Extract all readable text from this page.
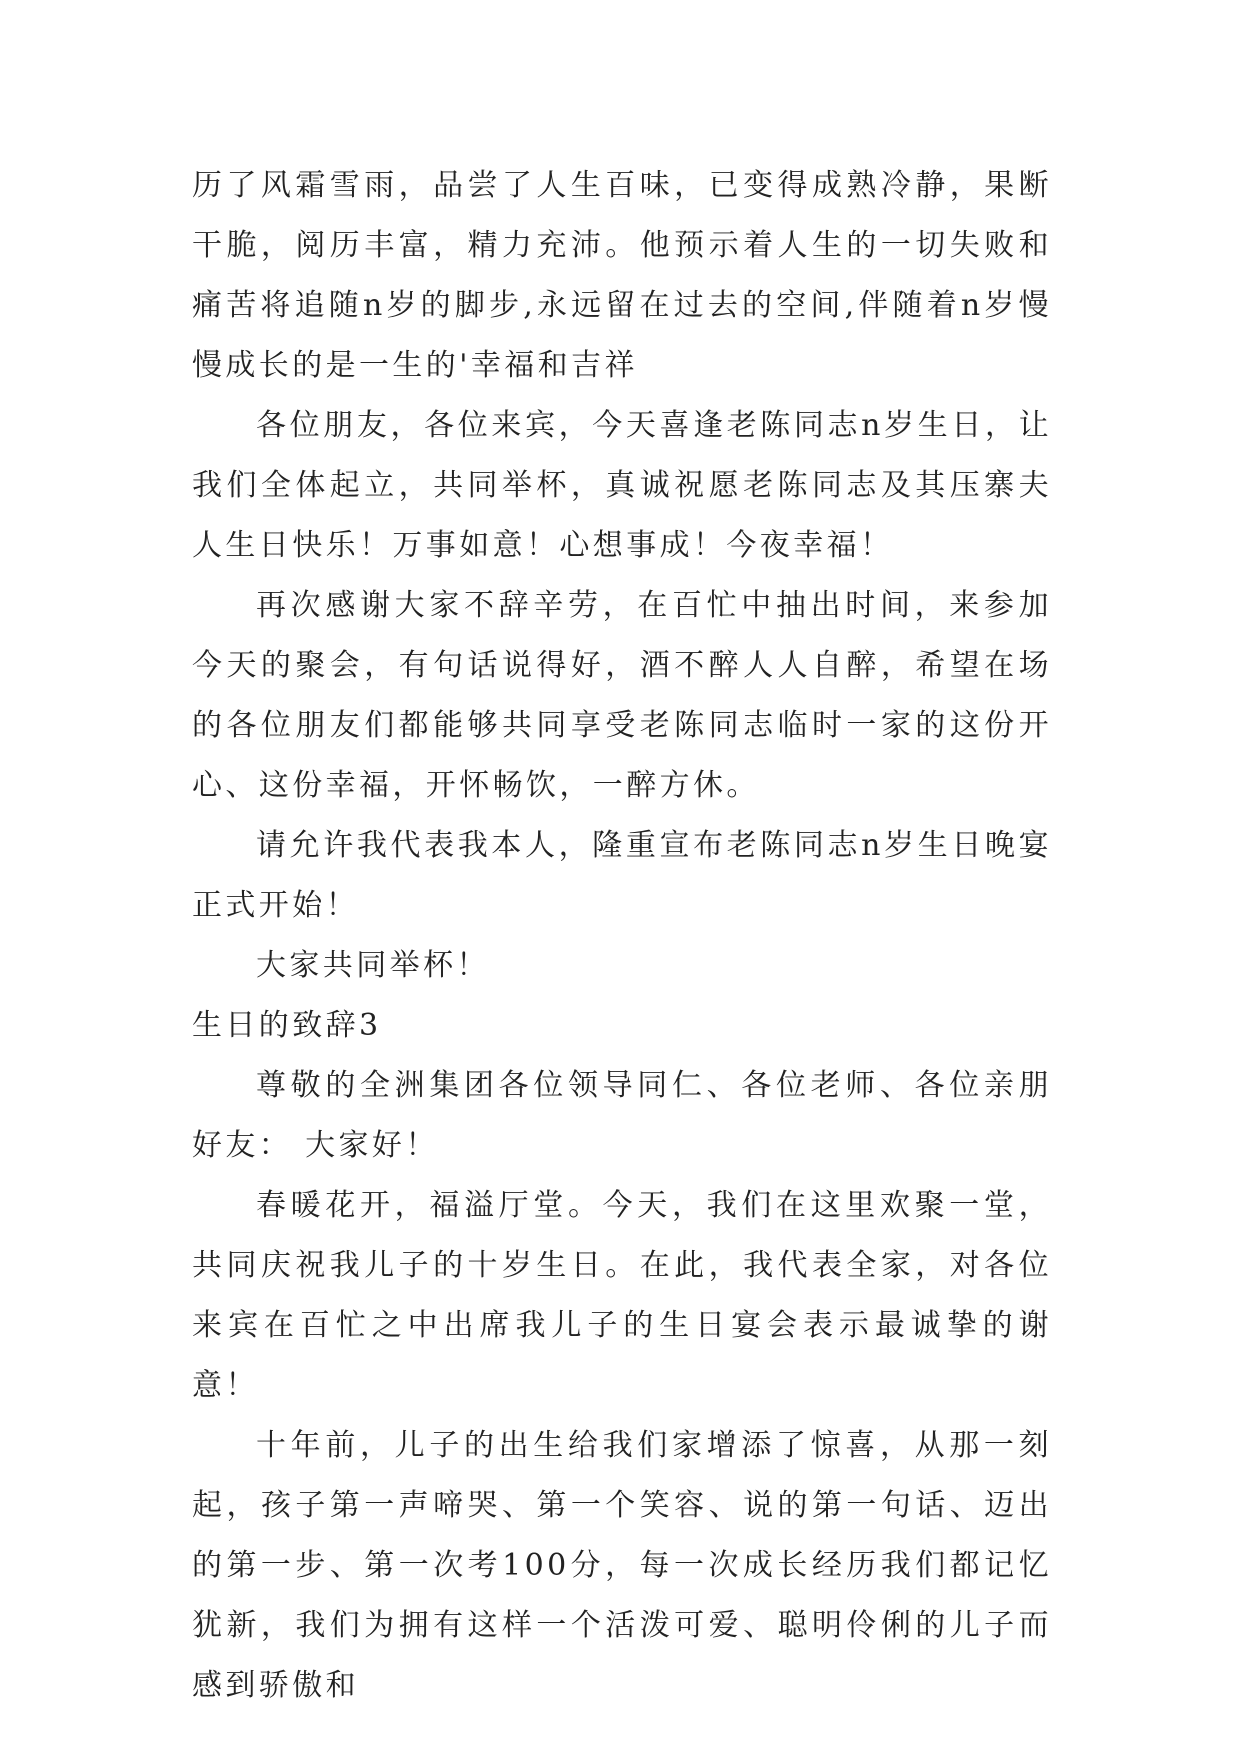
历了风霜雪雨，品尝了人生百味，已变得成熟冷静，果断干脆，阅历丰富，精力充沛。他预示着人生的一切失败和痛苦将追随n岁的脚步,永远留在过去的空间,伴随着n岁慢慢成长的是一生的'幸福和吉祥

各位朋友，各位来宾，今天喜逢老陈同志n岁生日，让我们全体起立，共同举杯，真诚祝愿老陈同志及其压寨夫人生日快乐！万事如意！心想事成！今夜幸福！

再次感谢大家不辞辛劳，在百忙中抽出时间，来参加今天的聚会，有句话说得好，酒不醉人人自醉，希望在场的各位朋友们都能够共同享受老陈同志临时一家的这份开心、这份幸福，开怀畅饮，一醉方休。

请允许我代表我本人，隆重宣布老陈同志n岁生日晚宴正式开始！

大家共同举杯！

生日的致辞3

尊敬的全洲集团各位领导同仁、各位老师、各位亲朋好友： 大家好！

春暖花开，福溢厅堂。今天，我们在这里欢聚一堂，共同庆祝我儿子的十岁生日。在此，我代表全家，对各位来宾在百忙之中出席我儿子的生日宴会表示最诚挚的谢意！

十年前，儿子的出生给我们家增添了惊喜，从那一刻起，孩子第一声啼哭、第一个笑容、说的第一句话、迈出的第一步、第一次考100分，每一次成长经历我们都记忆犹新，我们为拥有这样一个活泼可爱、聪明伶俐的儿子而感到骄傲和
